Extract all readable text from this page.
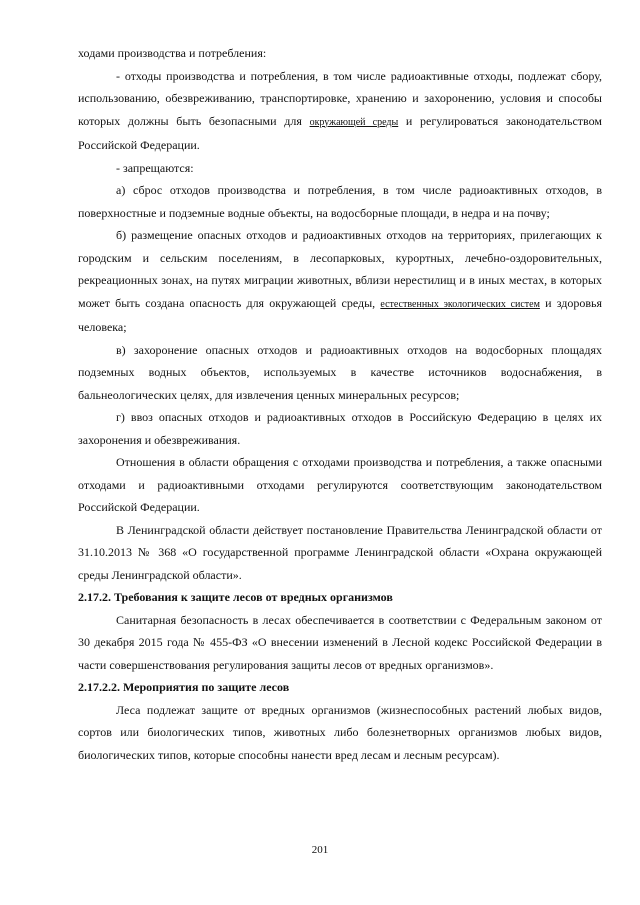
ходами производства и потребления:

- отходы производства и потребления, в том числе радиоактивные отходы, подлежат сбору, использованию, обезвреживанию, транспортировке, хранению и захоронению, условия и способы которых должны быть безопасными для окружающей среды и регулироваться законодательством Российской Федерации.

- запрещаются:

а) сброс отходов производства и потребления, в том числе радиоактивных отходов, в поверхностные и подземные водные объекты, на водосборные площади, в недра и на почву;

б) размещение опасных отходов и радиоактивных отходов на территориях, прилегающих к городским и сельским поселениям, в лесопарковых, курортных, лечебно-оздоровительных, рекреационных зонах, на путях миграции животных, вблизи нерестилищ и в иных местах, в которых может быть создана опасность для окружающей среды, естественных экологических систем и здоровья человека;

в) захоронение опасных отходов и радиоактивных отходов на водосборных площадях подземных водных объектов, используемых в качестве источников водоснабжения, в бальнеологических целях, для извлечения ценных минеральных ресурсов;

г) ввоз опасных отходов и радиоактивных отходов в Российскую Федерацию в целях их захоронения и обезвреживания.

Отношения в области обращения с отходами производства и потребления, а также опасными отходами и радиоактивными отходами регулируются соответствующим законодательством Российской Федерации.

В Ленинградской области действует постановление Правительства Ленинградской области от 31.10.2013 № 368 «О государственной программе Ленинградской области «Охрана окружающей среды Ленинградской области».

2.17.2. Требования к защите лесов от вредных организмов

Санитарная безопасность в лесах обеспечивается в соответствии с Федеральным законом от 30 декабря 2015 года № 455-ФЗ «О внесении изменений в Лесной кодекс Российской Федерации в части совершенствования регулирования защиты лесов от вредных организмов».

2.17.2.2. Мероприятия по защите лесов

Леса подлежат защите от вредных организмов (жизнеспособных растений любых видов, сортов или биологических типов, животных либо болезнетворных организмов любых видов, биологических типов, которые способны нанести вред лесам и лесным ресурсам).

201
